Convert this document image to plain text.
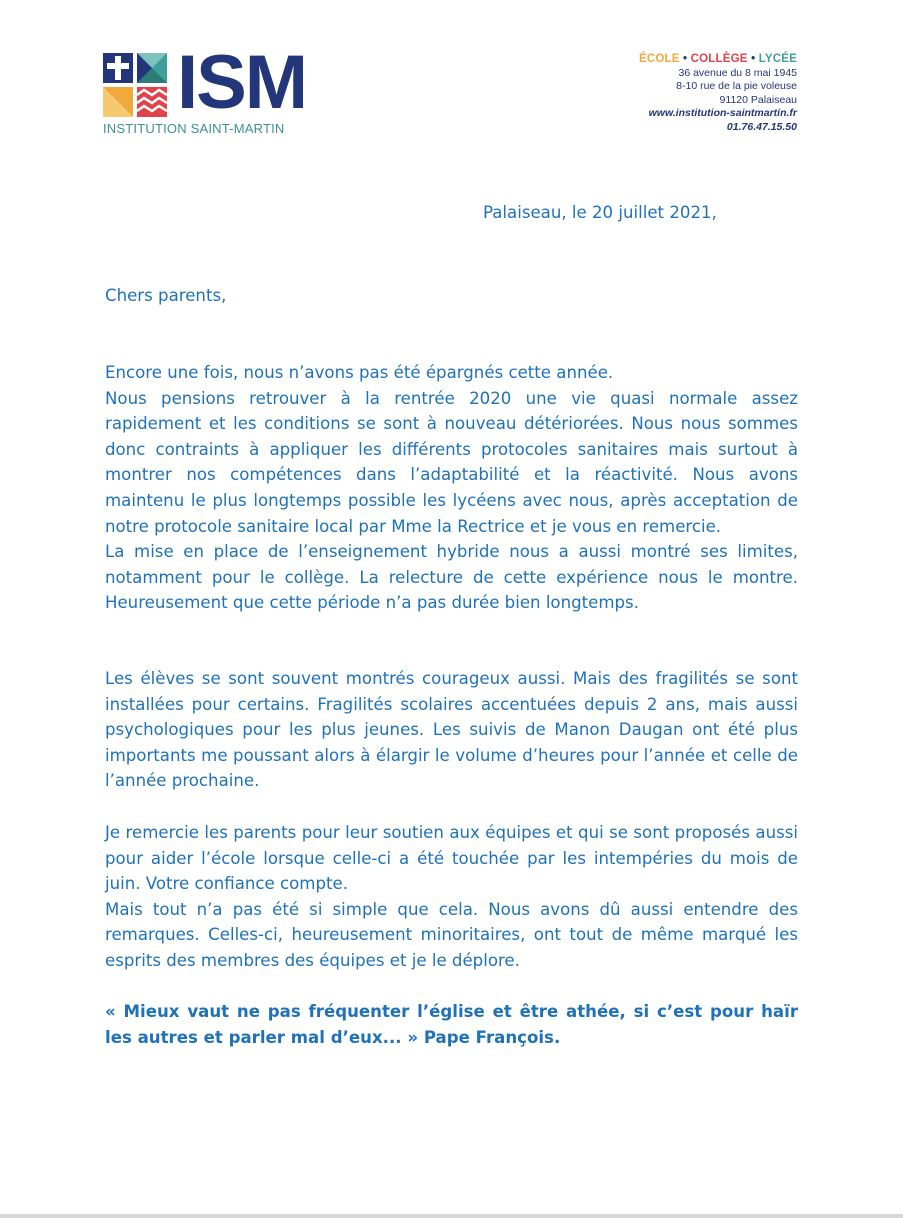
ISM
INSTITUTION SAINT-MARTIN
ÉCOLE • COLLÈGE • LYCÉE
36 avenue du 8 mai 1945
8-10 rue de la pie voleuse
91120 Palaiseau
www.institution-saintmartin.fr
01.76.47.15.50
Palaiseau, le 20 juillet 2021,
Chers parents,
Encore une fois, nous n’avons pas été épargnés cette année.
Nous pensions retrouver à la rentrée 2020 une vie quasi normale assez rapidement et les conditions se sont à nouveau détériorées. Nous nous sommes donc contraints à appliquer les différents protocoles sanitaires mais surtout à montrer nos compétences dans l’adaptabilité et la réactivité. Nous avons maintenu le plus longtemps possible les lycéens avec nous, après acceptation de notre protocole sanitaire local par Mme la Rectrice et je vous en remercie.
La mise en place de l’enseignement hybride nous a aussi montré ses limites, notamment pour le collège. La relecture de cette expérience nous le montre. Heureusement que cette période n’a pas durée bien longtemps.
Les élèves se sont souvent montrés courageux aussi. Mais des fragilités se sont installées pour certains. Fragilités scolaires accentuées depuis 2 ans, mais aussi psychologiques pour les plus jeunes. Les suivis de Manon Daugan ont été plus importants me poussant alors à élargir le volume d’heures pour l’année et celle de l’année prochaine.
Je remercie les parents pour leur soutien aux équipes et qui se sont proposés aussi pour aider l’école lorsque celle-ci a été touchée par les intempéries du mois de juin. Votre confiance compte.
Mais tout n’a pas été si simple que cela. Nous avons dû aussi entendre des remarques. Celles-ci, heureusement minoritaires, ont tout de même marqué les esprits des membres des équipes et je le déplore.
« Mieux vaut ne pas fréquenter l’église et être athée, si c’est pour haïr les autres et parler mal d’eux... » Pape François.
